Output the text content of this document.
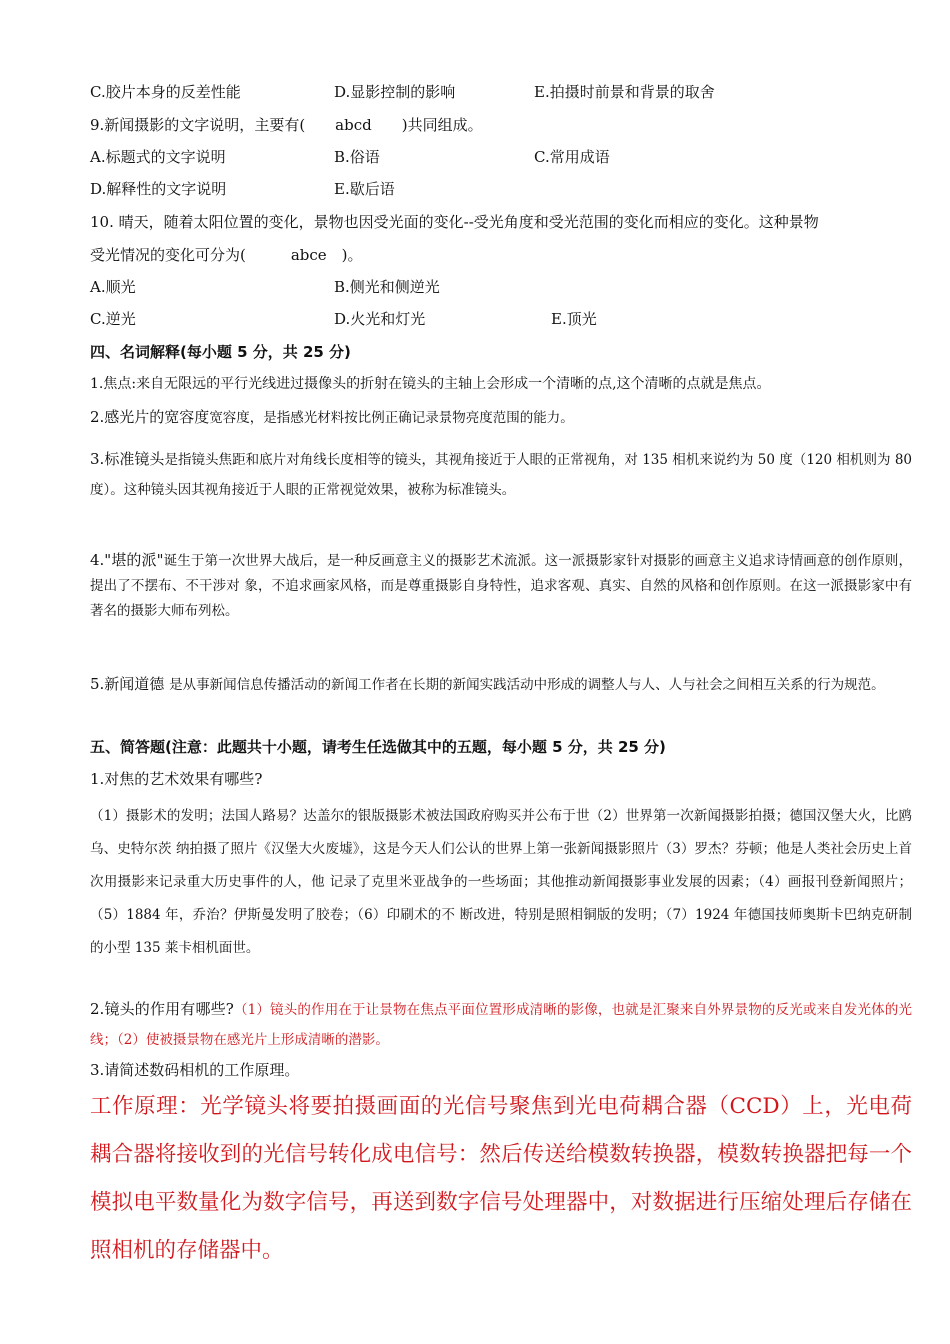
C.胶片本身的反差性能	D.显影控制的影响	E.拍摄时前景和背景的取舍
9.新闻摄影的文字说明，主要有(　　abcd　　)共同组成。
A.标题式的文字说明	B.俗语	C.常用成语
D.解释性的文字说明	E.歇后语
10. 晴天，随着太阳位置的变化，景物也因受光面的变化--受光角度和受光范围的变化而相应的变化。这种景物
受光情况的变化可分为(　　　abce　)。
A.顺光	B.侧光和侧逆光
C.逆光	D.火光和灯光	E.顶光
四、名词解释(每小题 5 分，共 25 分)
1.焦点:来自无限远的平行光线进过摄像头的折射在镜头的主轴上会形成一个清晰的点,这个清晰的点就是焦点。
2.感光片的宽容度宽容度，是指感光材料按比例正确记录景物亮度范围的能力。
3.标准镜头是指镜头焦距和底片对角线长度相等的镜头，其视角接近于人眼的正常视角，对 135 相机来说约为 50 度（120 相机则为 80 度）。这种镜头因其视角接近于人眼的正常视觉效果，被称为标准镜头。
4."堪的派"诞生于第一次世界大战后，是一种反画意主义的摄影艺术流派。这一派摄影家针对摄影的画意主义追求诗情画意的创作原则，提出了不摆布、不干涉对 象，不追求画家风格，而是尊重摄影自身特性，追求客观、真实、自然的风格和创作原则。在这一派摄影家中有著名的摄影大师布列松。
5.新闻道德 是从事新闻信息传播活动的新闻工作者在长期的新闻实践活动中形成的调整人与人、人与社会之间相互关系的行为规范。
五、简答题(注意：此题共十小题，请考生任选做其中的五题，每小题 5 分，共 25 分)
1.对焦的艺术效果有哪些?
（1）摄影术的发明；法国人路易？达盖尔的银版摄影术被法国政府购买并公布于世（2）世界第一次新闻摄影拍摄；德国汉堡大火，比鸥乌、史特尔茨 纳拍摄了照片《汉堡大火废墟》，这是今天人们公认的世界上第一张新闻摄影照片（3）罗杰？芬顿；他是人类社会历史上首次用摄影来记录重大历史事件的人，他 记录了克里米亚战争的一些场面；其他推动新闻摄影事业发展的因素；（4）画报刊登新闻照片；（5）1884 年，乔治？伊斯曼发明了胶卷；（6）印刷术的不 断改进，特别是照相铜版的发明；（7）1924 年德国技师奥斯卡巴纳克研制的小型 135 莱卡相机面世。
2.镜头的作用有哪些?（1）镜头的作用在于让景物在焦点平面位置形成清晰的影像，也就是汇聚来自外界景物的反光或来自发光体的光线；（2）使被摄景物在感光片上形成清晰的潜影。
3.请简述数码相机的工作原理。
工作原理：光学镜头将要拍摄画面的光信号聚焦到光电荷耦合器（CCD）上，光电荷耦合器将接收到的光信号转化成电信号：然后传送给模数转换器，模数转换器把每一个模拟电平数量化为数字信号，再送到数字信号处理器中，对数据进行压缩处理后存储在照相机的存储器中。
